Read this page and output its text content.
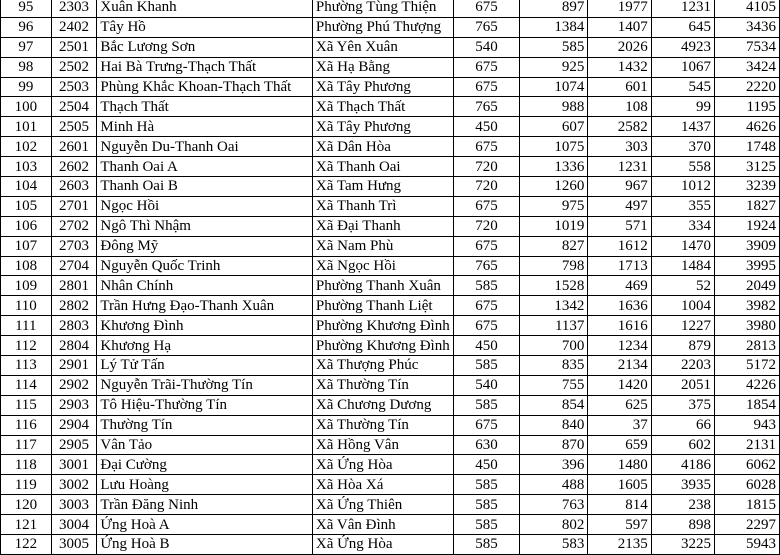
95	2303	Xuân Khanh	Phường Tùng Thiện	675	897	1977	1231	4105
96	2402	Tây Hồ	Phường Phú Thượng	765	1384	1407	645	3436
97	2501	Bắc Lương Sơn	Xã Yên Xuân	540	585	2026	4923	7534
98	2502	Hai Bà Trưng-Thạch Thất	Xã Hạ Bằng	675	925	1432	1067	3424
99	2503	Phùng Khắc Khoan-Thạch Thất	Xã Tây Phương	675	1074	601	545	2220
100	2504	Thạch Thất	Xã Thạch Thất	765	988	108	99	1195
101	2505	Minh Hà	Xã Tây Phương	450	607	2582	1437	4626
102	2601	Nguyễn Du-Thanh Oai	Xã Dân Hòa	675	1075	303	370	1748
103	2602	Thanh Oai A	Xã Thanh Oai	720	1336	1231	558	3125
104	2603	Thanh Oai B	Xã Tam Hưng	720	1260	967	1012	3239
105	2701	Ngọc Hồi	Xã Thanh Trì	675	975	497	355	1827
106	2702	Ngô Thì Nhậm	Xã Đại Thanh	720	1019	571	334	1924
107	2703	Đông Mỹ	Xã Nam Phù	675	827	1612	1470	3909
108	2704	Nguyễn Quốc Trinh	Xã Ngọc Hồi	765	798	1713	1484	3995
109	2801	Nhân Chính	Phường Thanh Xuân	585	1528	469	52	2049
110	2802	Trần Hưng Đạo-Thanh Xuân	Phường Thanh Liệt	675	1342	1636	1004	3982
111	2803	Khương Đình	Phường Khương Đình	675	1137	1616	1227	3980
112	2804	Khương Hạ	Phường Khương Đình	450	700	1234	879	2813
113	2901	Lý Tử Tấn	Xã Thượng Phúc	585	835	2134	2203	5172
114	2902	Nguyễn Trãi-Thường Tín	Xã Thường Tín	540	755	1420	2051	4226
115	2903	Tô Hiệu-Thường Tín	Xã Chương Dương	585	854	625	375	1854
116	2904	Thường Tín	Xã Thường Tín	675	840	37	66	943
117	2905	Vân Tảo	Xã Hồng Vân	630	870	659	602	2131
118	3001	Đại Cường	Xã Ứng Hòa	450	396	1480	4186	6062
119	3002	Lưu Hoàng	Xã Hòa Xá	585	488	1605	3935	6028
120	3003	Trần Đăng Ninh	Xã Ứng Thiên	585	763	814	238	1815
121	3004	Ứng Hoà A	Xã Vân Đình	585	802	597	898	2297
122	3005	Ứng Hoà B	Xã Ứng Hòa	585	583	2135	3225	5943
